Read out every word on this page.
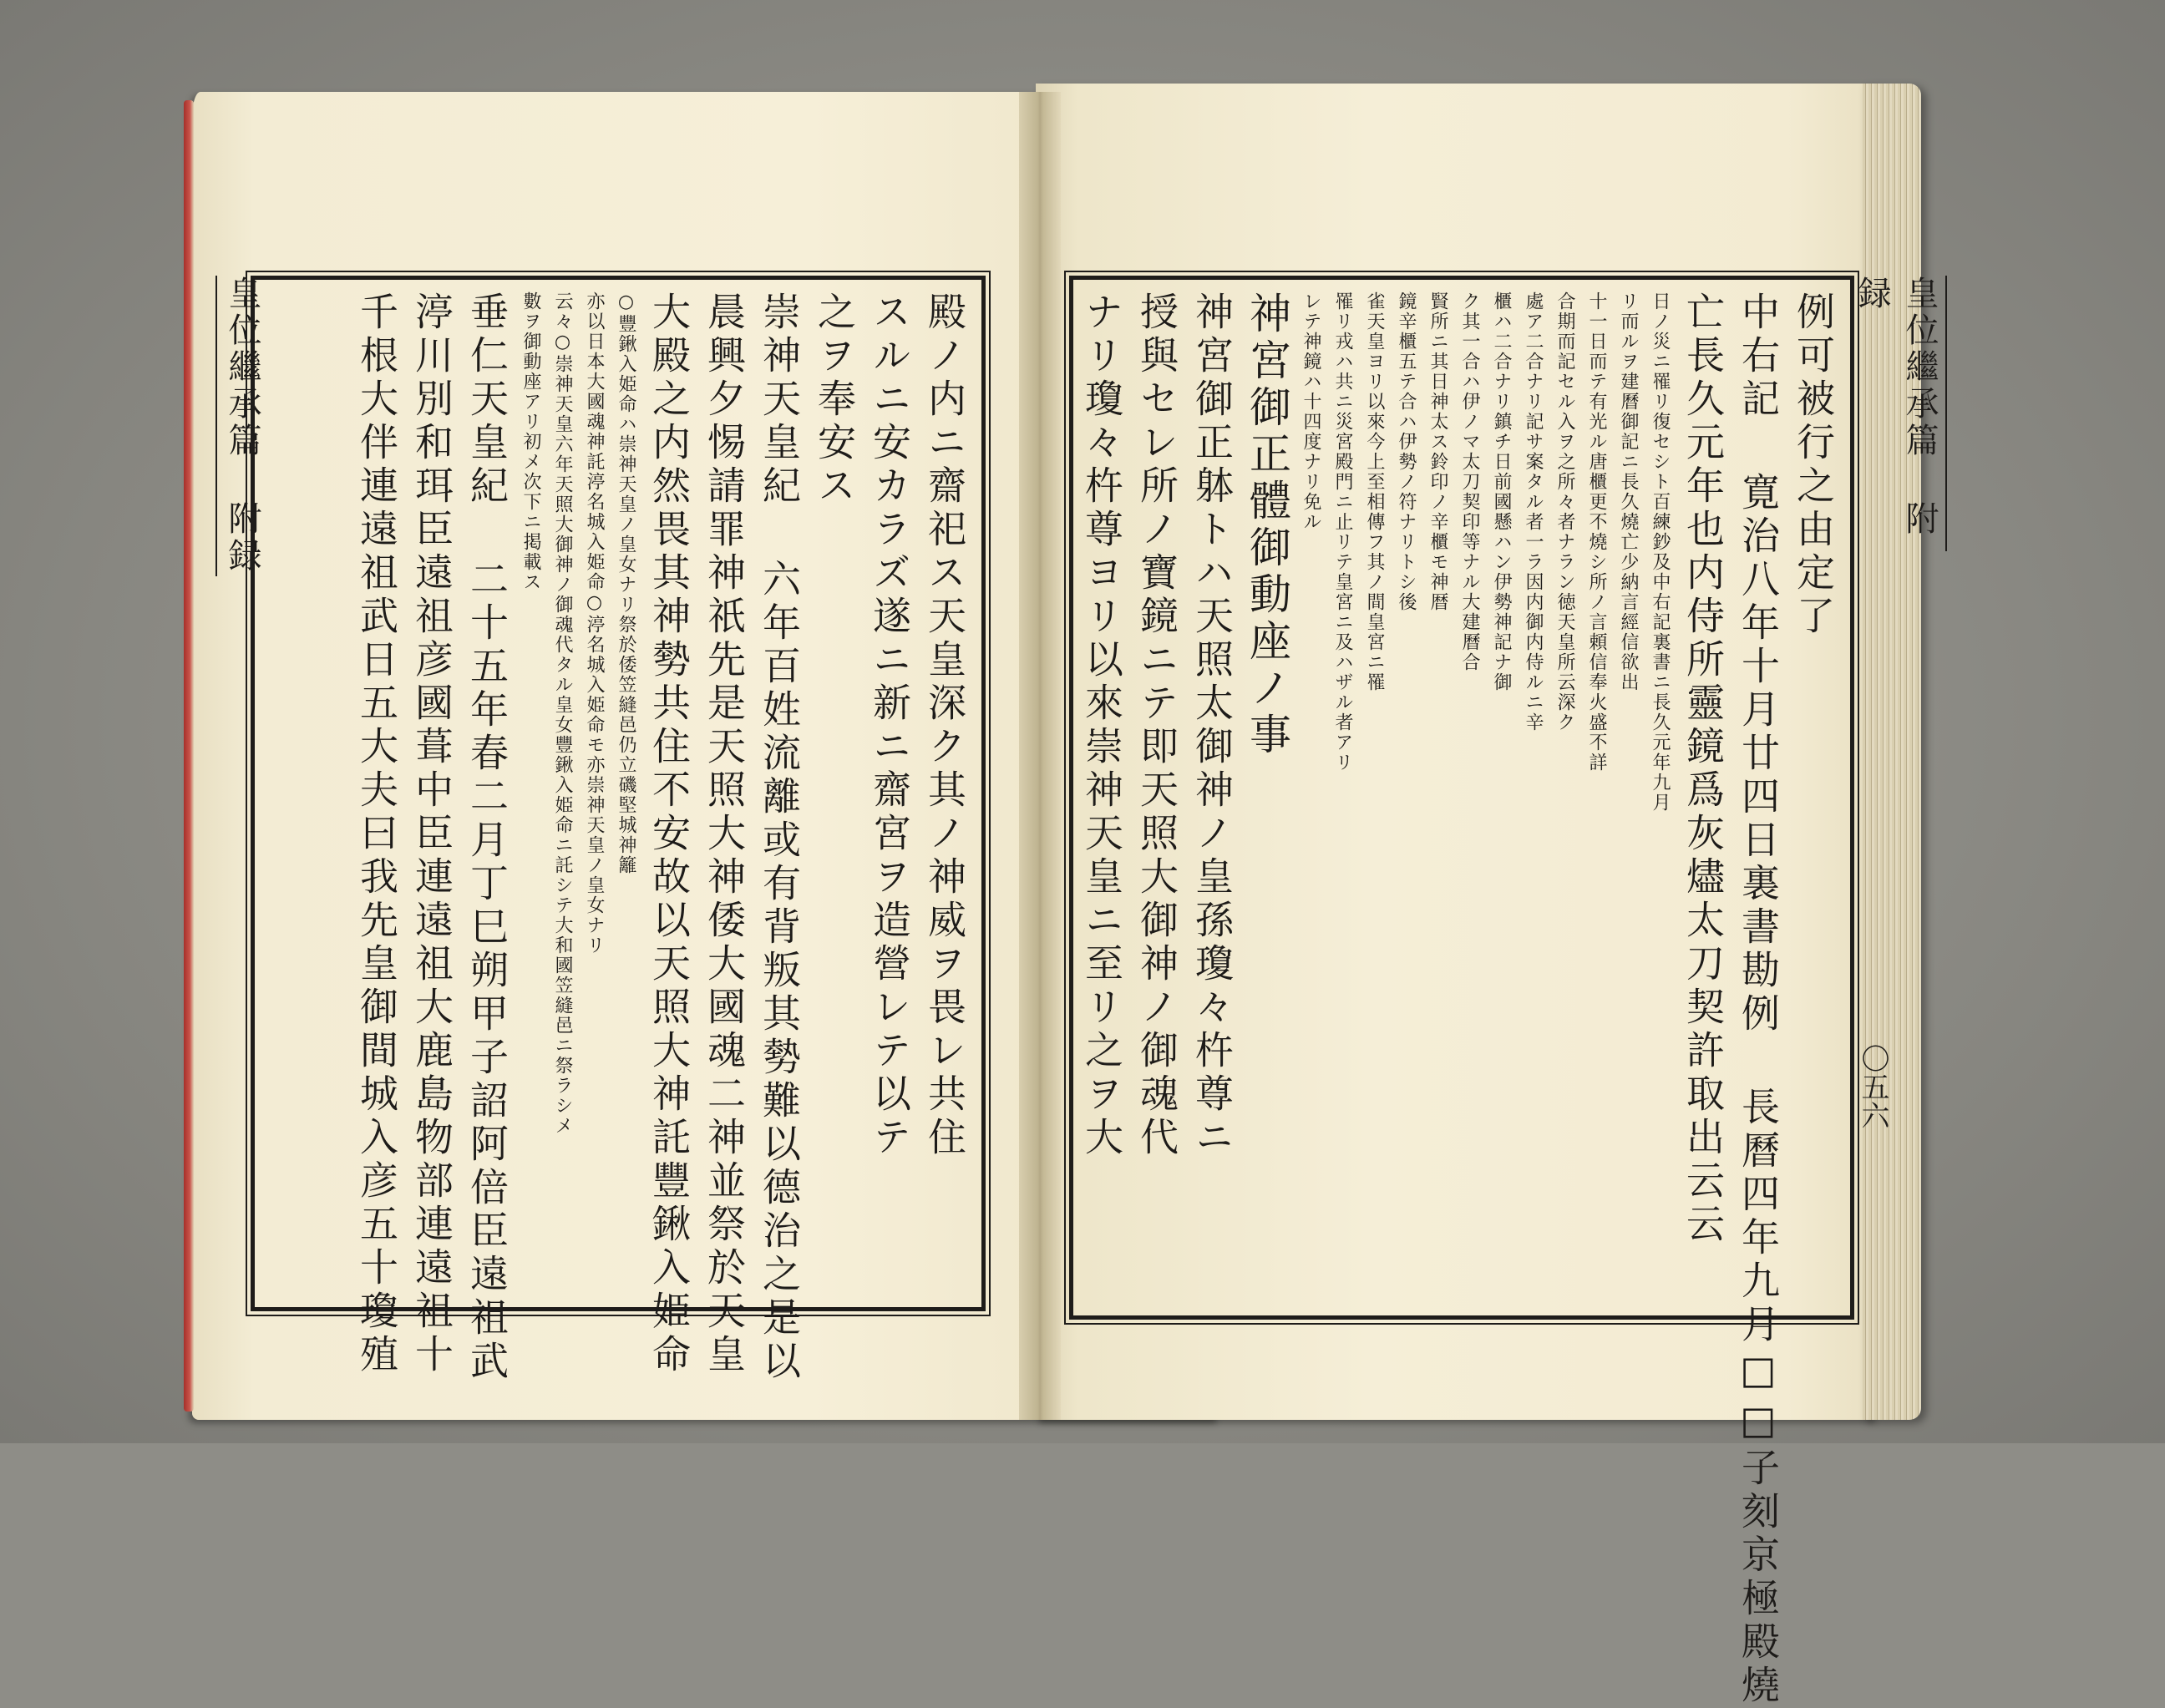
皇位繼承篇 附録	皇位繼承篇 附録
〇五六
殿ノ内ニ齋祀ス天皇深ク其ノ神威ヲ畏レ共住
スルニ安カラズ遂ニ新ニ齋宮ヲ造營レテ以テ
之ヲ奉安ス
崇神天皇紀 六年百姓流離或有背叛其勢難以德治之是以
晨興夕惕請罪神祇先是天照大神倭大國魂二神並祭於天皇
大殿之内然畏其神勢共住不安故以天照大神託豐鍬入姫命
○豐鍬入姫命ハ崇神天皇ノ皇女ナリ祭於倭笠縫邑仍立磯堅城神籬
亦以日本大國魂神託渟名城入姫命○渟名城入姫命モ亦崇神天皇ノ皇女ナリ
云々○崇神天皇六年天照大御神ノ御魂代タル皇女豐鍬入姫命ニ託シテ大和國笠縫邑ニ祭ラシメ
數ヲ御動座アリ初メ次下ニ掲載ス
垂仁天皇紀 二十五年春二月丁巳朔甲子詔阿倍臣遠祖武
渟川別和珥臣遠祖彦國葺中臣連遠祖大鹿島物部連遠祖十
千根大伴連遠祖武日五大夫曰我先皇御間城入彦五十瓊殖	例可被行之由定了
中右記 寛治八年十月廿四日裏書勘例 長曆四年九月□□子刻京極殿燒
亡長久元年也内侍所靈鏡爲灰燼太刀契許取出云云
日ノ災ニ罹リ復セシト百練鈔及中右記裏書ニ長久元年九月
リ而ルヲ建曆御記ニ長久燒亡少納言經信欲出
十一日而テ有光ル唐櫃更不燒シ所ノ言頼信奉火盛不詳
合期而記セル入ヲ之所々者ナラン徳天皇所云深ク
處ア二合ナリ記サ案タル者一ラ因内御内侍ルニ辛
櫃ハ二合ナリ鎮チ日前國懸ハン伊勢神記ナ御
ク其一合ハ伊ノマ太刀契印等ナル大建曆合
賢所ニ其日神太ス鈴印ノ辛櫃モ神暦
鏡辛櫃五テ合ハ伊勢ノ符ナリトシ後
雀天皇ヨリ以來今上至相傳フ其ノ間皇宮ニ罹
罹リ戎ハ共ニ災宮殿門ニ止リテ皇宮ニ及ハザル者アリ
レテ神鏡ハ十四度ナリ免ル
神宮御正體御動座ノ事
神宮御正躰トハ天照太御神ノ皇孫瓊々杵尊ニ
授與セレ所ノ寶鏡ニテ即天照大御神ノ御魂代
ナリ瓊々杵尊ヨリ以來崇神天皇ニ至リ之ヲ大
